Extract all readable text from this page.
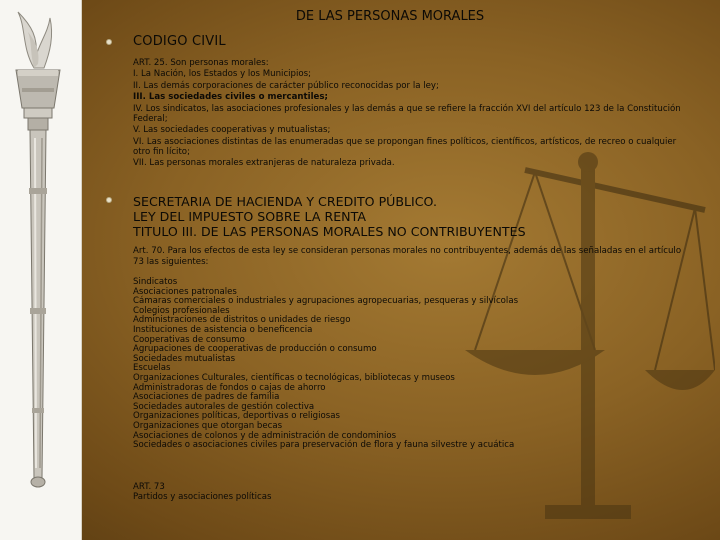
DE LAS PERSONAS MORALES
CODIGO CIVIL
ART. 25. Son personas morales:
I. La Nación, los Estados y los Municipios;
II. Las demás corporaciones de carácter público reconocidas por la ley;
III. Las sociedades civiles o mercantiles;
IV. Los sindicatos, las asociaciones profesionales y las demás a que se refiere la fracción XVI del artículo 123 de la Constitución Federal;
V. Las sociedades cooperativas y mutualistas;
VI. Las asociaciones distintas de las enumeradas que se propongan fines políticos, científicos, artísticos, de recreo o cualquier otro fin lícito;
VII. Las personas morales extranjeras de naturaleza privada.
SECRETARIA DE HACIENDA Y CREDITO PÚBLICO.
LEY DEL IMPUESTO SOBRE LA RENTA
TITULO III. DE LAS PERSONAS MORALES NO CONTRIBUYENTES
Art. 70. Para los efectos de esta ley se consideran personas morales no contribuyentes, además de las señaladas en el artículo 73 las siguientes:
Sindicatos
Asociaciones patronales
Cámaras comerciales o industriales y agrupaciones agropecuarias, pesqueras y silvícolas
Colegios profesionales
Administraciones de distritos o unidades de riesgo
Instituciones de asistencia o beneficencia
Cooperativas de consumo
Agrupaciones de cooperativas de producción o consumo
Sociedades mutualistas
Escuelas
Organizaciones Culturales, científicas o tecnológicas, bibliotecas y museos
Administradoras de fondos o cajas de ahorro
Asociaciones de padres de familia
Sociedades autorales de gestión colectiva
Organizaciones políticas, deportivas o religiosas
Organizaciones que otorgan becas
Asociaciones de colonos y de administración de condominios
Sociedades o asociaciones civiles para preservación de flora y fauna silvestre y acuática
ART. 73
Partidos y asociaciones políticas
